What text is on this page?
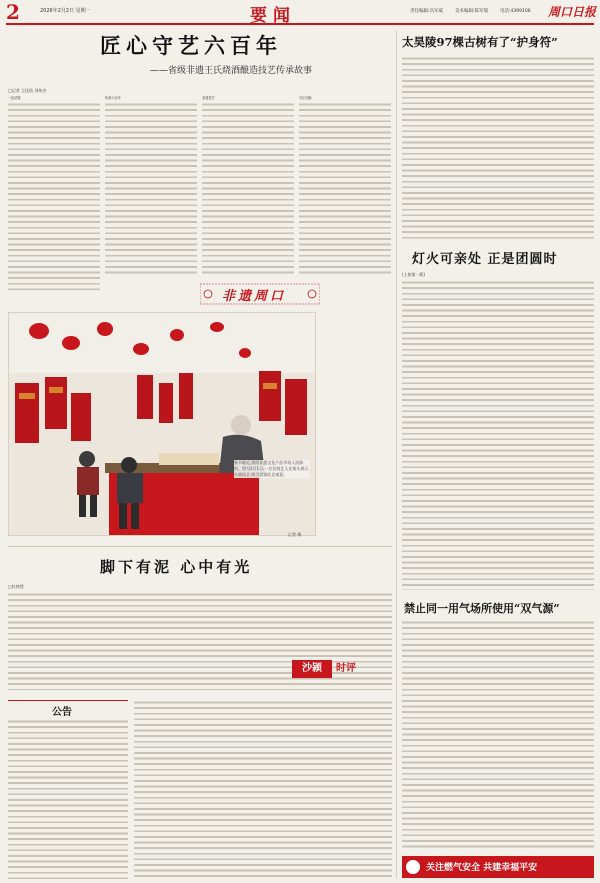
2	2026年2月2日 星期一	要闻	责任编辑:冯军威	美术编辑:陈军瑞	电话:4399106 周口日报
匠心守艺六百年
——省级非遗王氏烧酒酿造技艺传承故事
□记者 王佳依 刘伟杰
一缸酒香	传承六百年	非遗技艺	守正创新
非遗周口
春节临近,淮阳非遗文化产品市场人流如织。图为2月1日,一位民间艺人在街头展示年画技艺,吸引游客驻足观看。
记者 摄
脚下有泥 心中有光
□杜林然
沙颍	时评
公告
太昊陵97棵古树有了“护身符”
灯火可亲处 正是团圆时
(上接第一版)
禁止同一用气场所使用“双气源”
关注燃气安全 共建幸福平安
